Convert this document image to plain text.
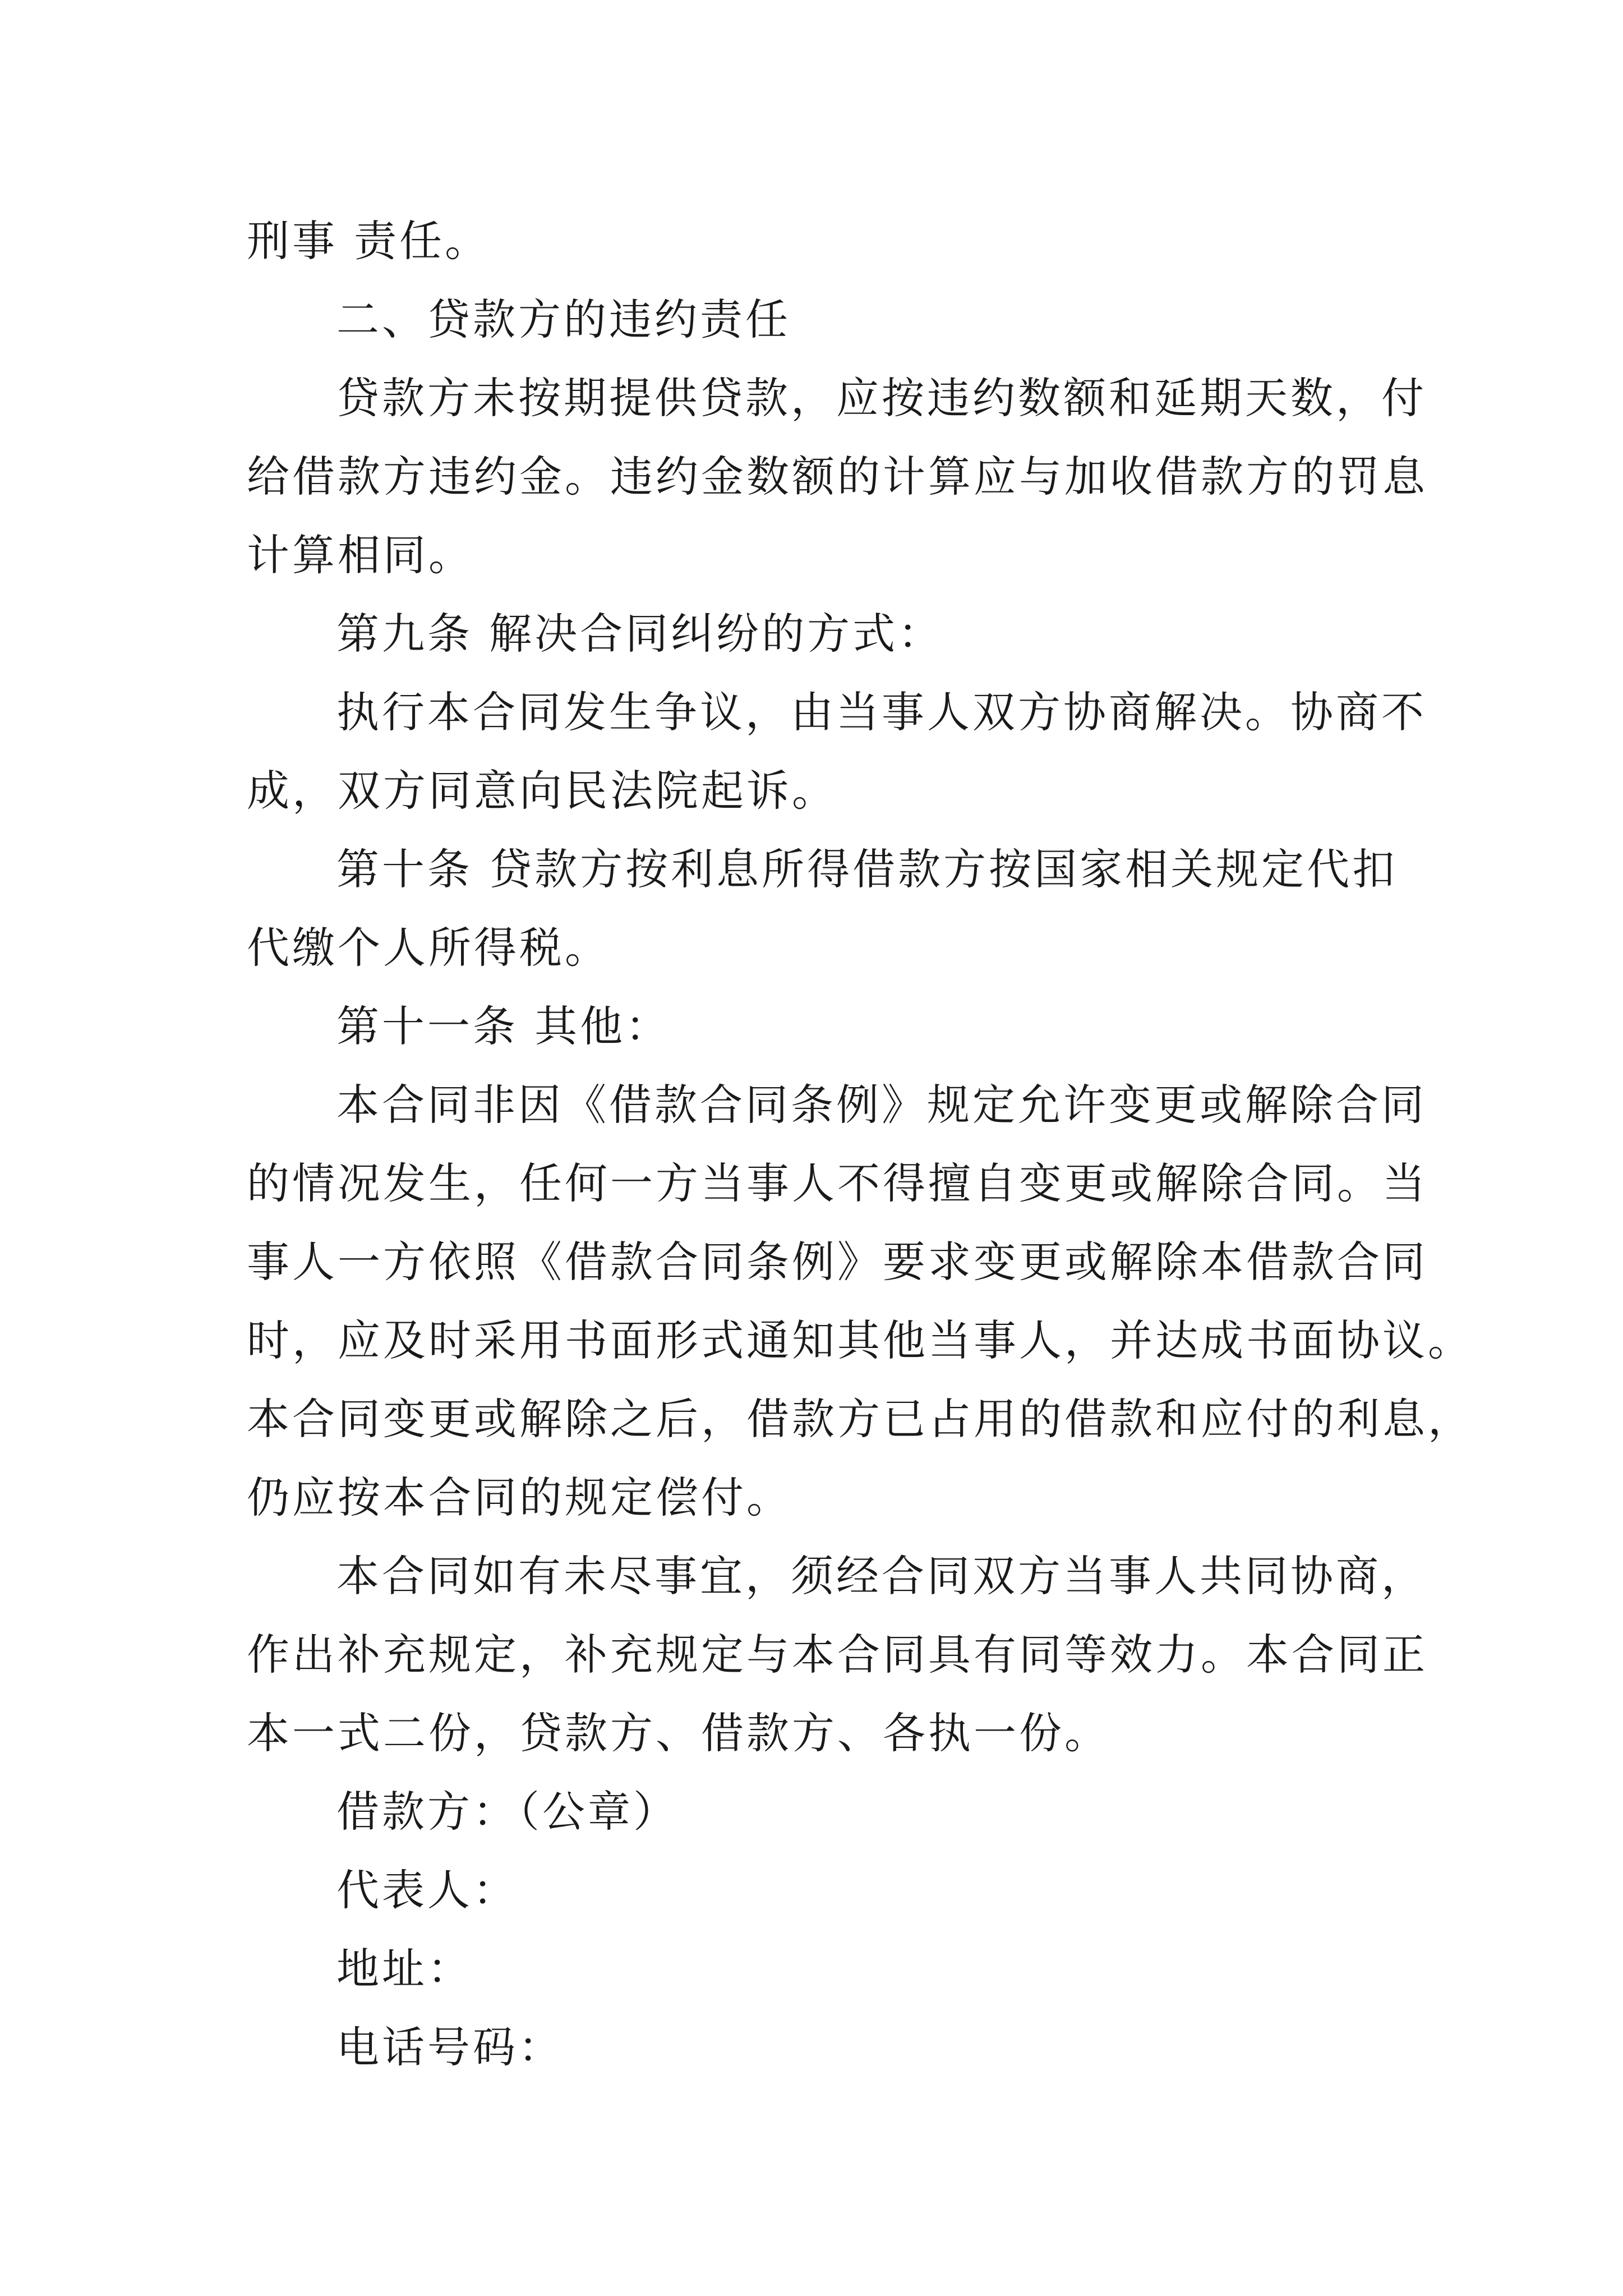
刑事 责任。
二、贷款方的违约责任
贷款方未按期提供贷款，应按违约数额和延期天数，付
给借款方违约金。违约金数额的计算应与加收借款方的罚息
计算相同。
第九条 解决合同纠纷的方式：
执行本合同发生争议，由当事人双方协商解决。协商不
成，双方同意向民法院起诉。
第十条 贷款方按利息所得借款方按国家相关规定代扣
代缴个人所得税。
第十一条 其他：
本合同非因《借款合同条例》规定允许变更或解除合同
的情况发生，任何一方当事人不得擅自变更或解除合同。当
事人一方依照《借款合同条例》要求变更或解除本借款合同
时，应及时采用书面形式通知其他当事人，并达成书面协议。
本合同变更或解除之后，借款方已占用的借款和应付的利息，
仍应按本合同的规定偿付。
本合同如有未尽事宜，须经合同双方当事人共同协商，
作出补充规定，补充规定与本合同具有同等效力。本合同正
本一式二份，贷款方、借款方、各执一份。
借款方：（公章）
代表人：
地址：
电话号码：
